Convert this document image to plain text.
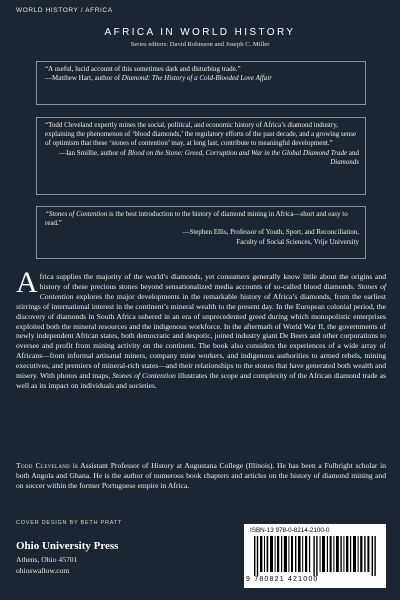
WORLD HISTORY / AFRICA
AFRICA IN WORLD HISTORY
Series editors: David Robinson and Joseph C. Miller
“A useful, lucid account of this sometimes dark and disturbing trade.”
—Matthew Hart, author of Diamond: The History of a Cold-Blooded Love Affair
“Todd Cleveland expertly mines the social, political, and economic history of Africa’s diamond industry, explaining the phenomenon of ‘blood diamonds,’ the regulatory efforts of the past decade, and a growing sense of optimism that these ‘stones of contention’ may, at long last, contribute to meaningful development.”
—Ian Smillie, author of Blood on the Stone: Greed, Corruption and War in the Global Diamond Trade and Diamonds
“Stones of Contention is the best introduction to the history of diamond mining in Africa—short and easy to read.”
—Stephen Ellis, Professor of Youth, Sport, and Reconciliation,
Faculty of Social Sciences, Vrije University
Africa supplies the majority of the world’s diamonds, yet consumers generally know little about the origins and history of these precious stones beyond sensationalized media accounts of so-called blood diamonds. Stones of Contention explores the major developments in the remarkable history of Africa’s diamonds, from the earliest stirrings of international interest in the continent’s mineral wealth to the present day. In the European colonial period, the discovery of diamonds in South Africa ushered in an era of unprecedented greed during which monopolistic enterprises exploited both the mineral resources and the indigenous workforce. In the aftermath of World War II, the governments of newly independent African states, both democratic and despotic, joined industry giant De Beers and other corporations to oversee and profit from mining activity on the continent. The book also considers the experiences of a wide array of Africans—from informal artisanal miners, company mine workers, and indigenous authorities to armed rebels, mining executives, and premiers of mineral-rich states—and their relationships to the stones that have generated both wealth and misery. With photos and maps, Stones of Contention illustrates the scope and complexity of the African diamond trade as well as its impact on individuals and societies.
Todd Cleveland is Assistant Professor of History at Augustana College (Illinois). He has been a Fulbright scholar in both Angola and Ghana. He is the author of numerous book chapters and articles on the history of diamond mining and on soccer within the former Portuguese empire in Africa.
COVER DESIGN BY BETH PRATT
Ohio University Press
Athens, Ohio 45701
ohioswallow.com
ISBN-13 978-0-8214-2100-0
9 780821 421000
